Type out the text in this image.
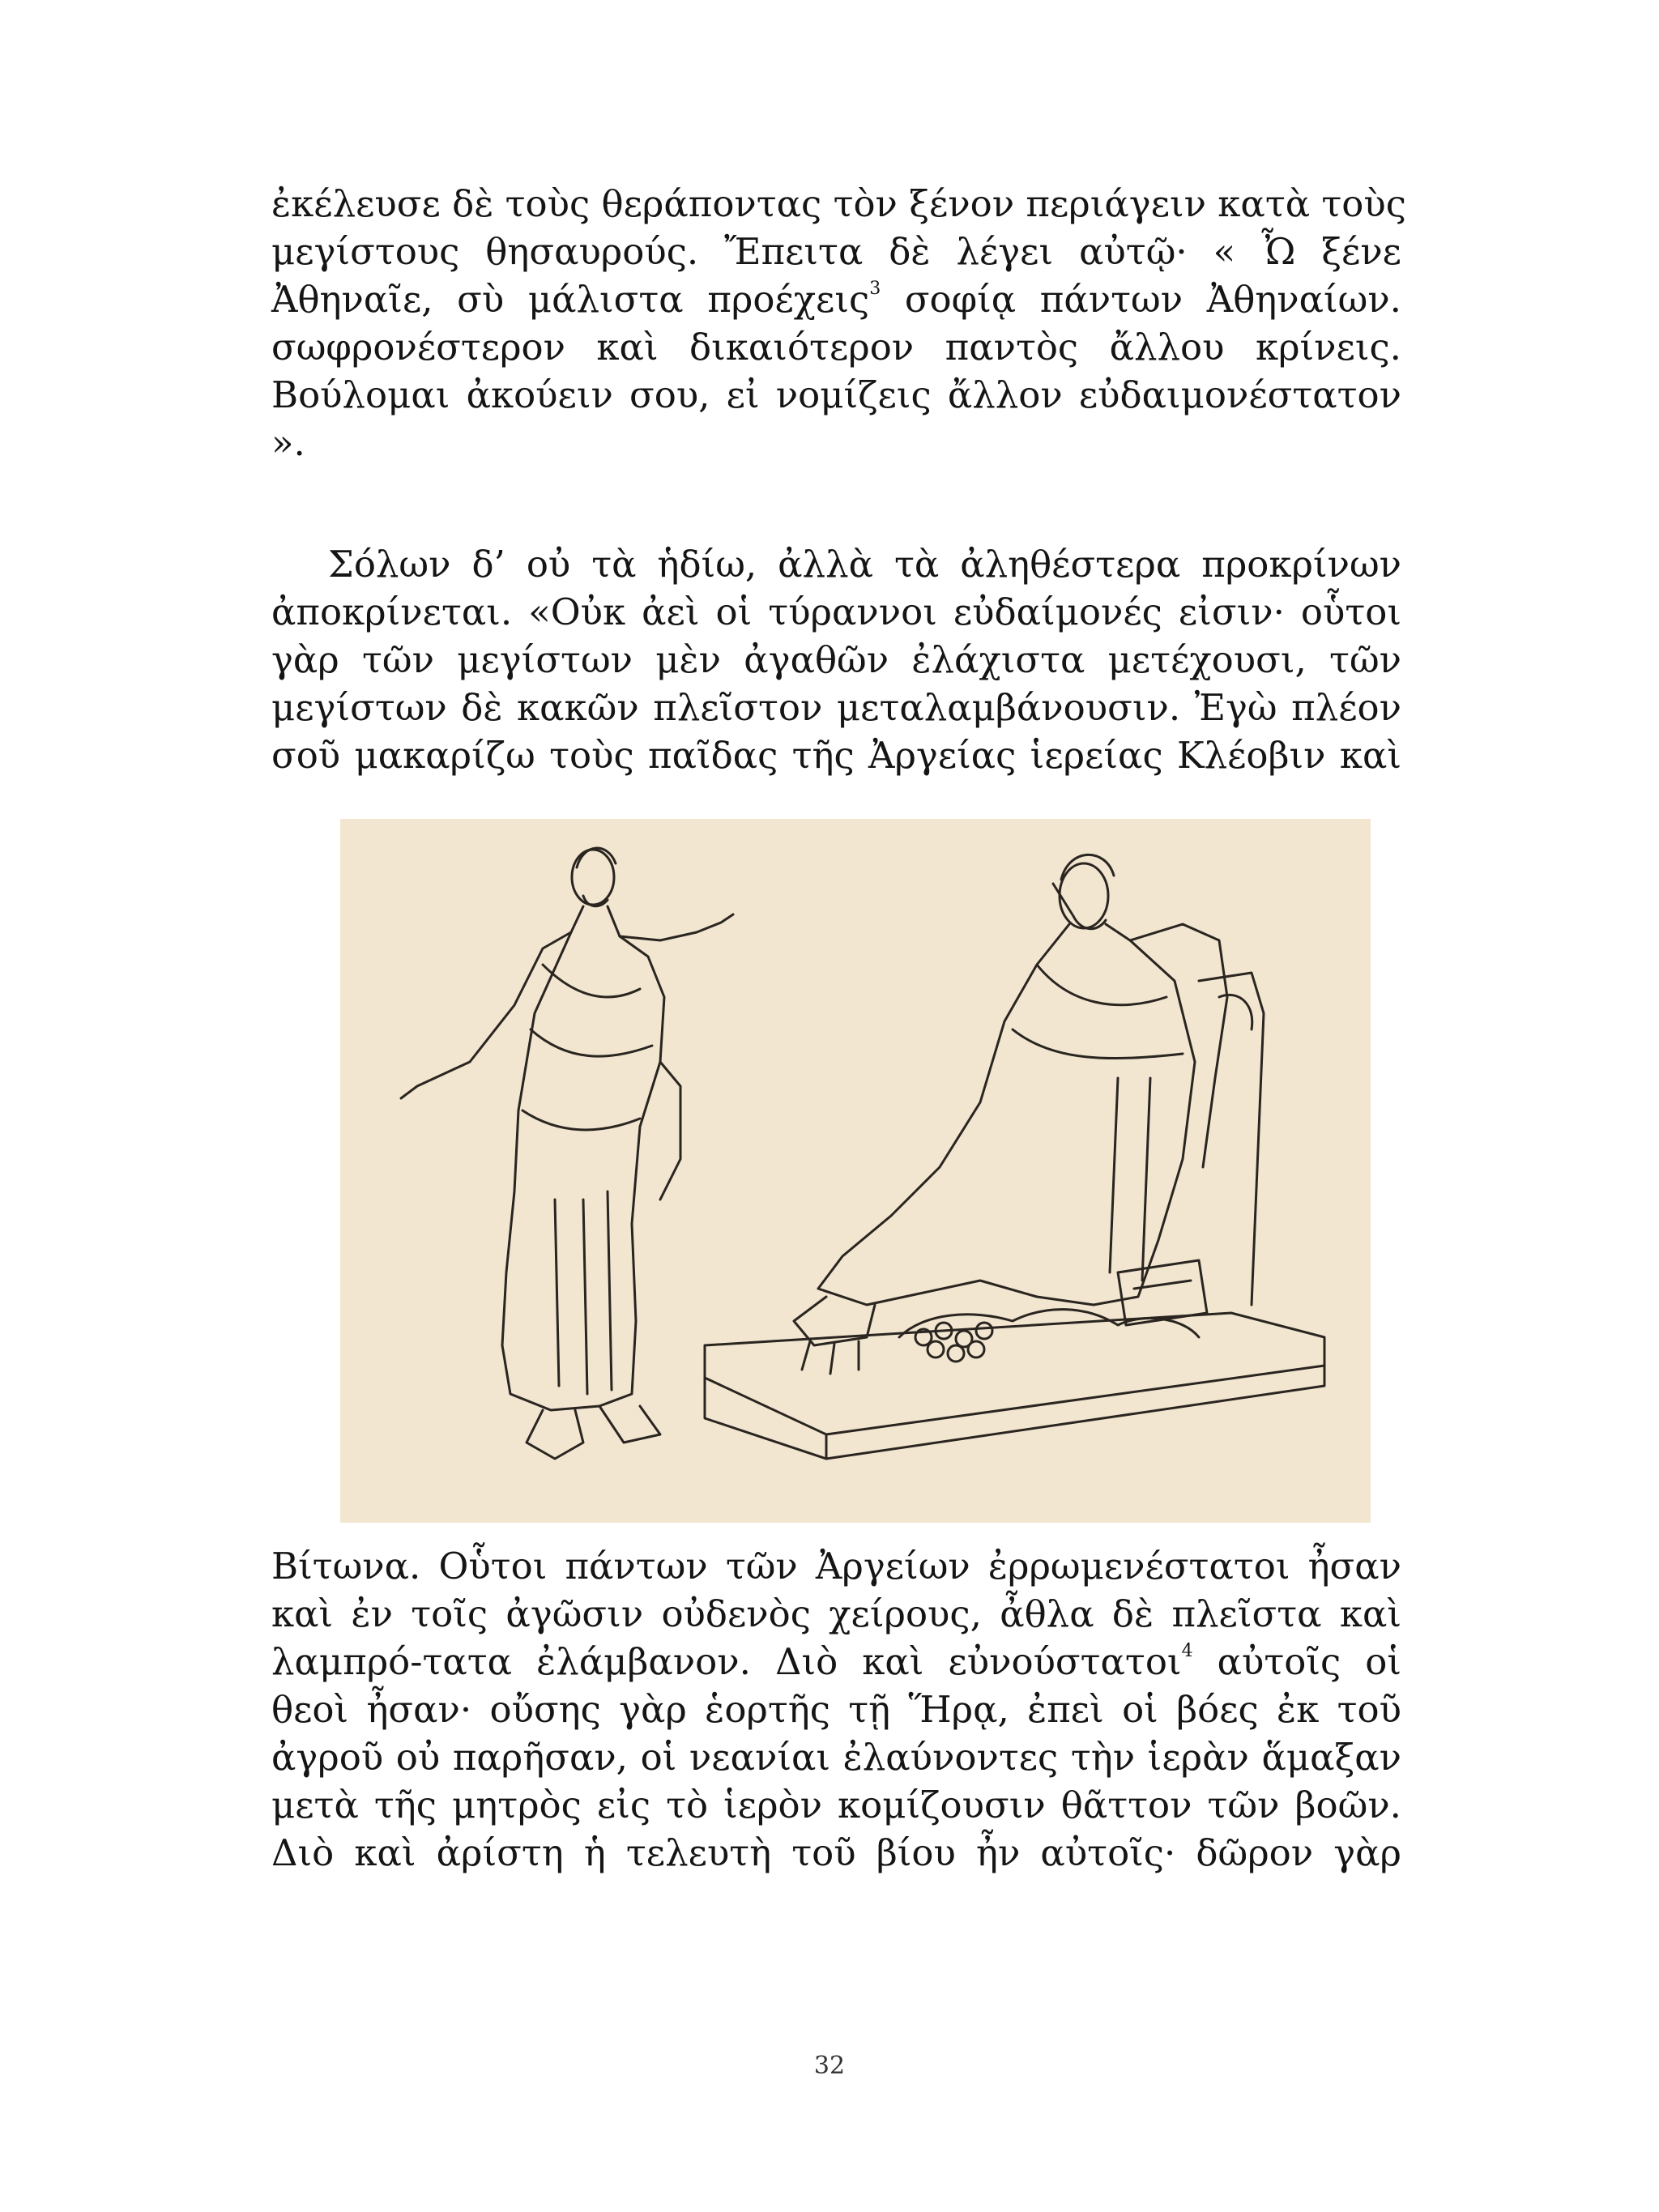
ἐκέλευσε δὲ τοὺς θεράποντας τὸν ξένον περιάγειν κατὰ τοὺς
μεγίστους θησαυρούς. Ἔπειτα δὲ λέγει αὐτῷ· « Ὦ ξένε
Ἀθηναῖε, σὺ μάλιστα προέχεις$^3$ σοφίᾳ πάντων Ἀθηναίων.
σωφρονέστερον καὶ δικαιότερον παντὸς ἄλλου κρίνεις.
Βούλομαι ἀκούειν σου, εἰ νομίζεις ἄλλον εὐδαιμονέστατον
».
Σόλων δ’ οὐ τὰ ἡδίω, ἀλλὰ τὰ ἀληθέστερα προκρίνων
ἀποκρίνεται. «Οὐκ ἀεὶ οἱ τύραννοι εὐδαίμονές εἰσιν· οὗτοι
γὰρ τῶν μεγίστων μὲν ἀγαθῶν ἐλάχιστα μετέχουσι, τῶν
μεγίστων δὲ κακῶν πλεῖστον μεταλαμβάνουσιν. Ἐγὼ πλέον
σοῦ μακαρίζω τοὺς παῖδας τῆς Ἀργείας ἱερείας Κλέοβιν καὶ
Βίτωνα. Οὗτοι πάντων τῶν Ἀργείων ἐρρωμενέστατοι ἦσαν
καὶ ἐν τοῖς ἀγῶσιν οὐδενὸς χείρους, ἆθλα δὲ πλεῖστα καὶ
λαμπρό-τατα ἐλάμβανον. Διὸ καὶ εὐνούστατοι$^4$ αὐτοῖς οἱ
θεοὶ ἦσαν· οὔσης γὰρ ἑορτῆς τῇ Ἥρᾳ, ἐπεὶ οἱ βόες ἐκ τοῦ
ἀγροῦ οὐ παρῆσαν, οἱ νεανίαι ἐλαύνοντες τὴν ἱερὰν ἅμαξαν
μετὰ τῆς μητρὸς εἰς τὸ ἱερὸν κομίζουσιν θᾶττον τῶν βοῶν.
Διὸ καὶ ἀρίστη ἡ τελευτὴ τοῦ βίου ἦν αὐτοῖς· δῶρον γὰρ
32
